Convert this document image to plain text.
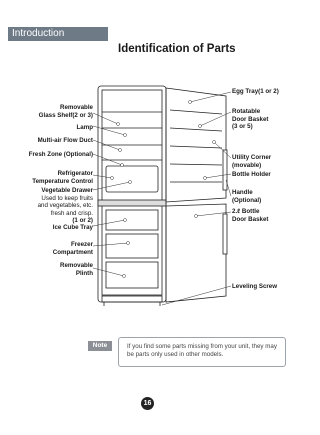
Introduction
Identification of Parts
Removable
Glass Shelf(2 or 3)
Lamp
Multi-air Flow Duct
Fresh Zone (Optional)
Refrigerator
Temperature Control
Vegetable Drawer
Used to keep fruits
and vegetables, etc.
fresh and crisp.
(1 or 2)
Ice Cube Tray
Freezer
Compartment
Removable
Plinth
Egg Tray(1 or 2)
Rotatable
Door Basket
(3 or 5)
Utility Corner
(movable)
Bottle Holder
Handle
(Optional)
2.ℓ Bottle
Door Basket
Leveling Screw
Note	If you find some parts missing from your unit, they may be parts only used in other models.
16
